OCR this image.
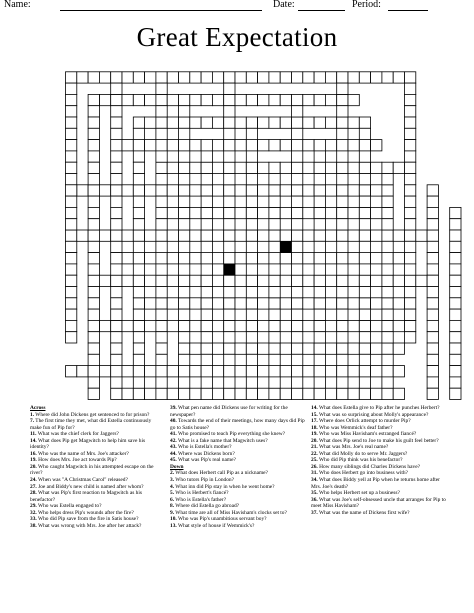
Name:	Date:	Period:
Great Expectation
Across
1. Where did John Dickens get sentenced to for prison?
7. The first time they met, what did Estella continuously make fun of Pip for?
11. What was the chief clerk for Jaggers?
14. What does Pip get Magwitch to help him save his identity?
16. Who was the name of Mrs. Joe's attacker?
19. How does Mrs. Joe act towards Pip?
20. Who caught Magwitch in his attempted escape on the river?
24. When was "A Christmas Carol" released?
27. Joe and Biddy's new child is named after whom?
28. What was Pip's first reaction to Magwitch as his benefactor?
29. Who was Estella engaged to?
32. Who helps dress Pip's wounds after the fire?
33. Who did Pip save from the fire in Satis house?
38. What was wrong with Mrs. Joe after her attack?
39. What pen name did Dickens use for writing for the newspaper?
40. Towards the end of their meetings, how many days did Pip go to Satis house?
41. Who promised to teach Pip everything she knew?
42. What is a fake name that Magwitch uses?
43. Who is Estella's mother?
44. Where was Dickens born?
45. What was Pip's real name?
Down
2. What does Herbert call Pip as a nickname?
3. Who tutors Pip in London?
4. What inn did Pip stay in when he went home?
5. Who is Herbert's fiancé?
6. Who is Estella's father?
8. Where did Estella go abroad?
9. What time are all of Miss Havisham's clocks set to?
10. Who was Pip's unambitious servant boy?
13. What style of house if Wemmick's?
14. What does Estella give to Pip after he punches Herbert?
15. What was so surprising about Molly's appearance?
17. Where does Orlick attempt to murder Pip?
18. Who was Wemmick's deaf father?
19. Who was Miss Havisham's estranged fiancé?
20. What does Pip send to Joe to make his guilt feel better?
21. What was Mrs. Joe's real name?
22. What did Molly do to serve Mr. Jaggers?
25. Who did Pip think was his benefactor?
26. How many siblings did Charles Dickens have?
31. Who does Herbert go into business with?
34. What does Biddy yell at Pip when he returns home after Mrs. Joe's death?
35. Who helps Herbert set up a business?
36. What was Joe's self-obsessed uncle that arranges for Pip to meet Miss Havisham?
37. What was the name of Dickens first wife?
